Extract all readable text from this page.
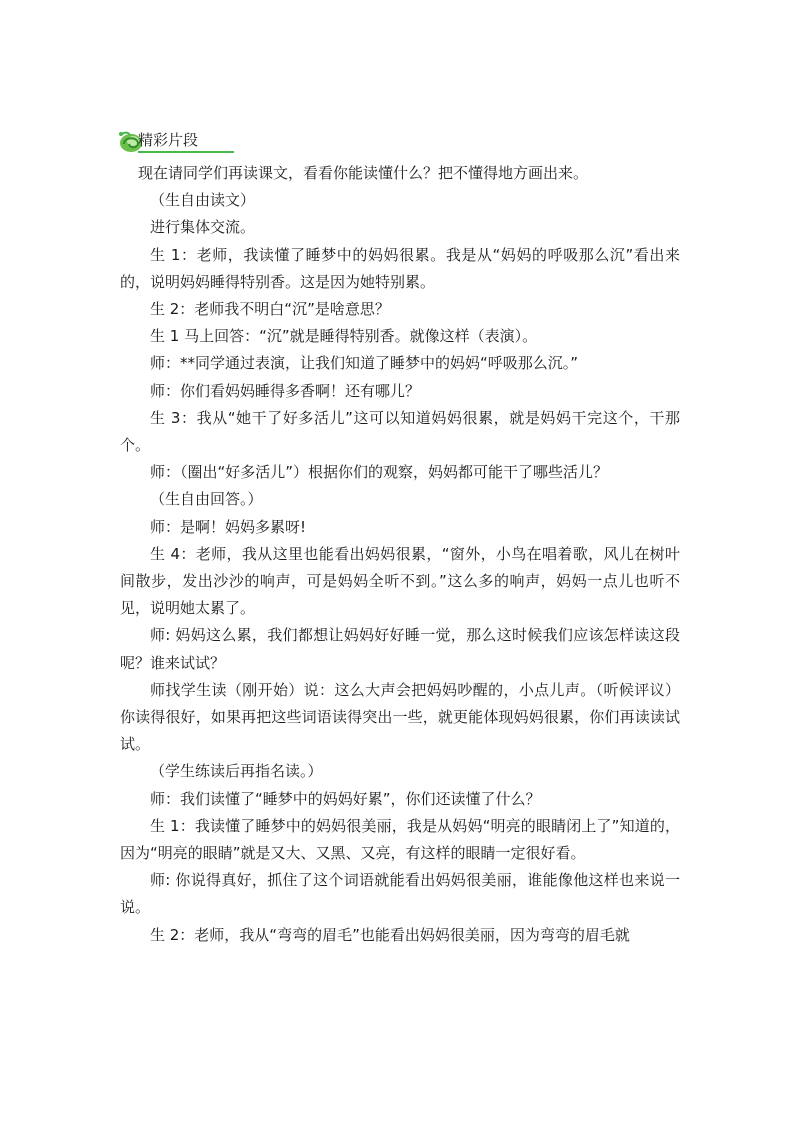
精彩片段

现在请同学们再读课文，看看你能读懂什么？把不懂得地方画出来。

（生自由读文）

进行集体交流。

生 1：老师，我读懂了睡梦中的妈妈很累。我是从“妈妈的呼吸那么沉”看出来的，说明妈妈睡得特别香。这是因为她特别累。

生 2：老师我不明白“沉”是啥意思？

生 1 马上回答：“沉”就是睡得特别香。就像这样（表演）。

师：**同学通过表演，让我们知道了睡梦中的妈妈“呼吸那么沉。”

师：你们看妈妈睡得多香啊！还有哪儿？

生 3：我从“她干了好多活儿”这可以知道妈妈很累，就是妈妈干完这个，干那个。

师：（圈出“好多活儿”）根据你们的观察，妈妈都可能干了哪些活儿？

（生自由回答。）

师：是啊！妈妈多累呀!

生 4：老师，我从这里也能看出妈妈很累，“窗外，小鸟在唱着歌，风儿在树叶间散步，发出沙沙的响声，可是妈妈全听不到。”这么多的响声，妈妈一点儿也听不见，说明她太累了。

师: 妈妈这么累，我们都想让妈妈好好睡一觉，那么这时候我们应该怎样读这段呢？谁来试试？

师找学生读（刚开始）说：这么大声会把妈妈吵醒的，小点儿声。（听候评议）你读得很好，如果再把这些词语读得突出一些，就更能体现妈妈很累，你们再读读试试。

（学生练读后再指名读。）

师：我们读懂了“睡梦中的妈妈好累”，你们还读懂了什么？

生 1：我读懂了睡梦中的妈妈很美丽，我是从妈妈“明亮的眼睛闭上了”知道的，因为“明亮的眼睛”就是又大、又黑、又亮，有这样的眼睛一定很好看。

师: 你说得真好，抓住了这个词语就能看出妈妈很美丽，谁能像他这样也来说一说。

生 2：老师，我从“弯弯的眉毛”也能看出妈妈很美丽，因为弯弯的眉毛就
